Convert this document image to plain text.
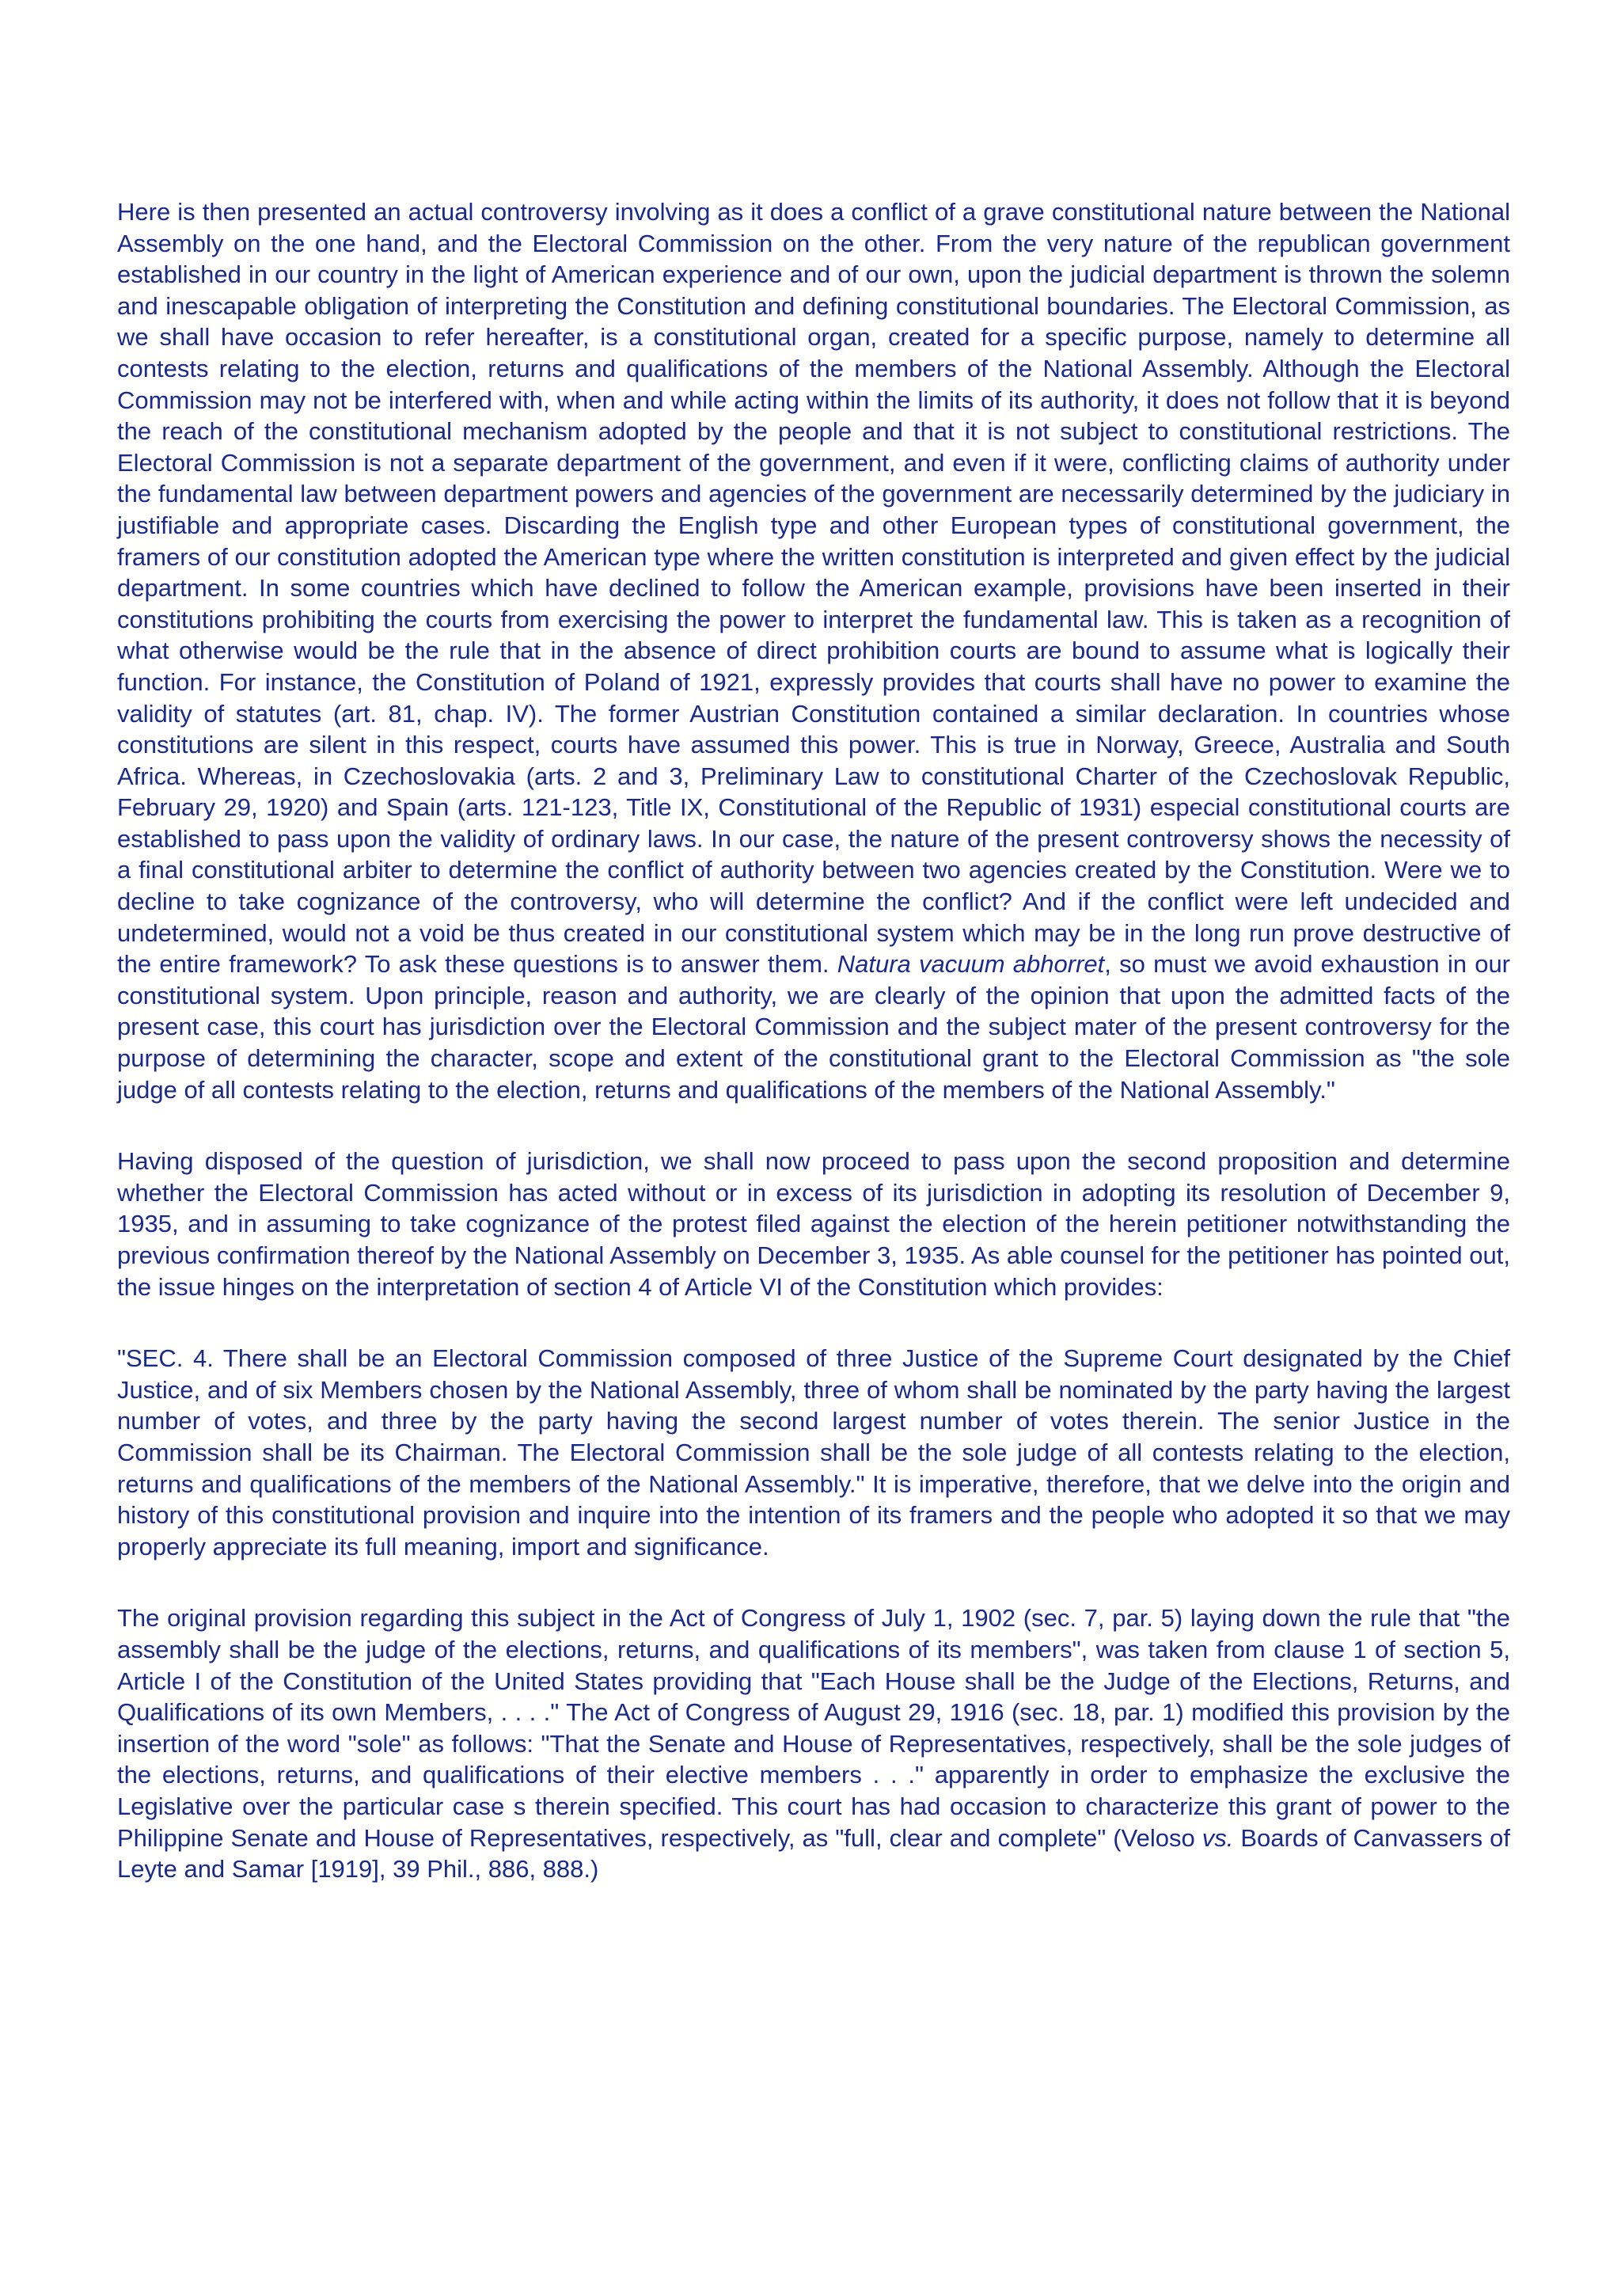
Here is then presented an actual controversy involving as it does a conflict of a grave constitutional nature between the National Assembly on the one hand, and the Electoral Commission on the other. From the very nature of the republican government established in our country in the light of American experience and of our own, upon the judicial department is thrown the solemn and inescapable obligation of interpreting the Constitution and defining constitutional boundaries. The Electoral Commission, as we shall have occasion to refer hereafter, is a constitutional organ, created for a specific purpose, namely to determine all contests relating to the election, returns and qualifications of the members of the National Assembly. Although the Electoral Commission may not be interfered with, when and while acting within the limits of its authority, it does not follow that it is beyond the reach of the constitutional mechanism adopted by the people and that it is not subject to constitutional restrictions. The Electoral Commission is not a separate department of the government, and even if it were, conflicting claims of authority under the fundamental law between department powers and agencies of the government are necessarily determined by the judiciary in justifiable and appropriate cases. Discarding the English type and other European types of constitutional government, the framers of our constitution adopted the American type where the written constitution is interpreted and given effect by the judicial department. In some countries which have declined to follow the American example, provisions have been inserted in their constitutions prohibiting the courts from exercising the power to interpret the fundamental law. This is taken as a recognition of what otherwise would be the rule that in the absence of direct prohibition courts are bound to assume what is logically their function. For instance, the Constitution of Poland of 1921, expressly provides that courts shall have no power to examine the validity of statutes (art. 81, chap. IV). The former Austrian Constitution contained a similar declaration. In countries whose constitutions are silent in this respect, courts have assumed this power. This is true in Norway, Greece, Australia and South Africa. Whereas, in Czechoslovakia (arts. 2 and 3, Preliminary Law to constitutional Charter of the Czechoslovak Republic, February 29, 1920) and Spain (arts. 121-123, Title IX, Constitutional of the Republic of 1931) especial constitutional courts are established to pass upon the validity of ordinary laws. In our case, the nature of the present controversy shows the necessity of a final constitutional arbiter to determine the conflict of authority between two agencies created by the Constitution. Were we to decline to take cognizance of the controversy, who will determine the conflict? And if the conflict were left undecided and undetermined, would not a void be thus created in our constitutional system which may be in the long run prove destructive of the entire framework? To ask these questions is to answer them. Natura vacuum abhorret, so must we avoid exhaustion in our constitutional system. Upon principle, reason and authority, we are clearly of the opinion that upon the admitted facts of the present case, this court has jurisdiction over the Electoral Commission and the subject mater of the present controversy for the purpose of determining the character, scope and extent of the constitutional grant to the Electoral Commission as "the sole judge of all contests relating to the election, returns and qualifications of the members of the National Assembly."

Having disposed of the question of jurisdiction, we shall now proceed to pass upon the second proposition and determine whether the Electoral Commission has acted without or in excess of its jurisdiction in adopting its resolution of December 9, 1935, and in assuming to take cognizance of the protest filed against the election of the herein petitioner notwithstanding the previous confirmation thereof by the National Assembly on December 3, 1935. As able counsel for the petitioner has pointed out, the issue hinges on the interpretation of section 4 of Article VI of the Constitution which provides:

"SEC. 4. There shall be an Electoral Commission composed of three Justice of the Supreme Court designated by the Chief Justice, and of six Members chosen by the National Assembly, three of whom shall be nominated by the party having the largest number of votes, and three by the party having the second largest number of votes therein. The senior Justice in the Commission shall be its Chairman. The Electoral Commission shall be the sole judge of all contests relating to the election, returns and qualifications of the members of the National Assembly." It is imperative, therefore, that we delve into the origin and history of this constitutional provision and inquire into the intention of its framers and the people who adopted it so that we may properly appreciate its full meaning, import and significance.

The original provision regarding this subject in the Act of Congress of July 1, 1902 (sec. 7, par. 5) laying down the rule that "the assembly shall be the judge of the elections, returns, and qualifications of its members", was taken from clause 1 of section 5, Article I of the Constitution of the United States providing that "Each House shall be the Judge of the Elections, Returns, and Qualifications of its own Members, . . . ." The Act of Congress of August 29, 1916 (sec. 18, par. 1) modified this provision by the insertion of the word "sole" as follows: "That the Senate and House of Representatives, respectively, shall be the sole judges of the elections, returns, and qualifications of their elective members . . ." apparently in order to emphasize the exclusive the Legislative over the particular case s therein specified. This court has had occasion to characterize this grant of power to the Philippine Senate and House of Representatives, respectively, as "full, clear and complete" (Veloso vs. Boards of Canvassers of Leyte and Samar [1919], 39 Phil., 886, 888.)
